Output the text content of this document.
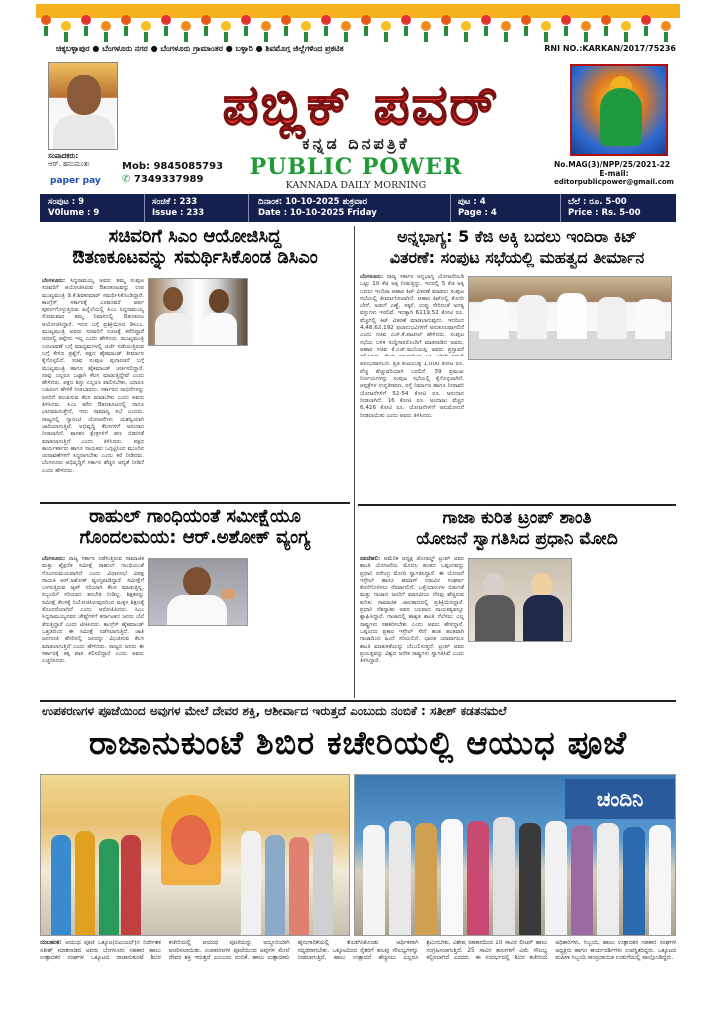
ಚಿಕ್ಕಬಳ್ಳಾಪುರ ● ಬೆಂಗಳೂರು ನಗರ ● ಬೆಂಗಳೂರು ಗ್ರಾಮಾಂತರ ● ಬಳ್ಳಾರಿ ● ಶಿವಮೊಗ್ಗ ಜಿಲ್ಲೆಗಳಿಂದ ಪ್ರಕಟಿತ	RNI NO.:KARKAN/2017/75236
ಸಂಪಾದಕರು:
ಆರ್. ಹನುಮಂತು
paper pay
Mob: 9845085793
✆ 7349337989
ಪಬ್ಲಿಕ್ ಪವರ್
ಕನ್ನಡ ದಿನಪತ್ರಿಕೆ
PUBLIC POWER
KANNADA DAILY MORNING
No.MAG(3)/NPP/25/2021-22
E-mail:
editorpublicpower@gmail.com
ಸಂಪುಟ : 9
V0lume : 9
ಸಂಚಿಕೆ : 233
Issue : 233
ದಿನಾಂಕ: 10-10-2025 ಶುಕ್ರವಾರ
Date : 10-10-2025 Friday
ಪುಟ : 4
Page : 4
ಬೆಲೆ : ರೂ. 5-00
Price : Rs. 5-00
ಸಚಿವರಿಗೆ ಸಿಎಂ ಆಯೋಜಿಸಿದ್ದ
ಔತಣಕೂಟವನ್ನು ಸಮರ್ಥಿಸಿಕೊಂಡ ಡಿಸಿಎಂ
ಬೆಂಗಳೂರು: ಸಿದ್ದರಾಮಯ್ಯ ಅವರು ತಮ್ಮ ಸಂಪುಟ ಸಚಿವರಿಗೆ ಆಯೋಜಿಸಿರುವ ಔತಣಕೂಟವನ್ನು ಉಪ ಮುಖ್ಯಮಂತ್ರಿ ಡಿ.ಕೆ.ಶಿವಕುಮಾರ್ ಸಮರ್ಥಿಸಿಕೊಂಡಿದ್ದಾರೆ. ಕಾಂಗ್ರೆಸ್ ಸರ್ಕಾರಕ್ಕೆ ಎರಡೂವರೆ ವರ್ಷ ಪೂರ್ಣಗೊಳ್ಳುತ್ತಿರುವ ಹಿನ್ನೆಲೆಯಲ್ಲಿ ಸಿಎಂ ಸಿದ್ದರಾಮಯ್ಯ ಸೋಮವಾರ ತಮ್ಮ ನಿವಾಸದಲ್ಲಿ ಔತಣಕೂಟ ಆಯೋಜಿಸಿದ್ದಾರೆ. ಇದರ ಬಗ್ಗೆ ಪ್ರತಿಕ್ರಿಯಿಸಿದ ಡಿಸಿಎಂ, ಮುಖ್ಯಮಂತ್ರಿ ಅವರು ಸಚಿವರಿಗೆ ಊಟಕ್ಕೆ ಕರೆದಿದ್ದಾರೆ ಅದರಲ್ಲಿ ತಪ್ಪೇನು ಇಲ್ಲ ಎಂದು ಹೇಳಿದರು. ಮುಖ್ಯಮಂತ್ರಿ ಬದಲಾವಣೆ ಬಗ್ಗೆ ಮಾಧ್ಯಮಗಳಲ್ಲಿ ಚರ್ಚೆ ನಡೆಯುತ್ತಿರುವ ಬಗ್ಗೆ ಕೇಳಿದ ಪ್ರಶ್ನೆಗೆ, ಪಕ್ಷದ ಹೈಕಮಾಂಡ್ ತೀರ್ಮಾನ ಕೈಗೊಳ್ಳಲಿದೆ. ಸಚಿವ ಸಂಪುಟ ಪುನಾರಚನೆ ಬಗ್ಗೆ ಮುಖ್ಯಮಂತ್ರಿ ಹಾಗೂ ಹೈಕಮಾಂಡ್ ಚರ್ಚಿಸಲಿದ್ದಾರೆ. ನಾವು ಎಲ್ಲರೂ ಒಟ್ಟಾಗಿ ಕೆಲಸ ಮಾಡುತ್ತಿದ್ದೇವೆ ಎಂದು ಹೇಳಿದರು. ಪಕ್ಷದ ಶಿಸ್ತು ಎಲ್ಲರೂ ಪಾಲಿಸಬೇಕು, ಯಾರೂ ಬಹಿರಂಗ ಹೇಳಿಕೆ ನೀಡಬಾರದು. ಸರ್ಕಾರದ ಸಾಧನೆಗಳನ್ನು ಜನರಿಗೆ ತಲುಪಿಸುವ ಕೆಲಸ ಮಾಡಬೇಕು ಎಂದು ಅವರು ತಿಳಿಸಿದರು. ಸಿಎಂ ಕರೆದ ಔತಣಕೂಟದಲ್ಲಿ ನಾನೂ ಭಾಗವಹಿಸುತ್ತೇನೆ, ಇದು ಸಾಮಾನ್ಯ ಸಭೆ ಎಂದರು. ರಾಜ್ಯದಲ್ಲಿ ಗ್ಯಾರಂಟಿ ಯೋಜನೆಗಳು ಯಶಸ್ವಿಯಾಗಿ ಜಾರಿಯಾಗುತ್ತಿವೆ. ಅಭಿವೃದ್ಧಿ ಕೆಲಸಗಳಿಗೆ ಅನುದಾನ ನೀಡಲಾಗಿದೆ. ಶಾಸಕರ ಕ್ಷೇತ್ರಗಳಿಗೆ ಹಣ ಬಿಡುಗಡೆ ಮಾಡಲಾಗುತ್ತಿದೆ ಎಂದು ತಿಳಿಸಿದರು. ಪಕ್ಷದ ಕಾರ್ಯಕರ್ತರು ಹಾಗೂ ನಾಯಕರು ಒಗ್ಗಟ್ಟಿನಿಂದ ಮುಂದಿನ ಚುನಾವಣೆಗಳಿಗೆ ಸಿದ್ಧರಾಗಬೇಕು ಎಂದು ಕರೆ ನೀಡಿದರು. ಬೆಂಗಳೂರು ಅಭಿವೃದ್ಧಿಗೆ ಸರ್ಕಾರ ಹೆಚ್ಚಿನ ಆದ್ಯತೆ ನೀಡಿದೆ ಎಂದು ಹೇಳಿದರು.
ಅನ್ನಭಾಗ್ಯ: 5 ಕೆಜಿ ಅಕ್ಕಿ ಬದಲು ಇಂದಿರಾ ಕಿಟ್
ವಿತರಣೆ: ಸಂಪುಟ ಸಭೆಯಲ್ಲಿ ಮಹತ್ವದ ತೀರ್ಮಾನ
ಬೆಂಗಳೂರು: ರಾಜ್ಯ ಸರ್ಕಾರ ಅನ್ನಭಾಗ್ಯ ಯೋಜನೆಯಡಿ ಒಟ್ಟು 10 ಕೆಜಿ ಅಕ್ಕಿ ನೀಡುತ್ತಿದ್ದು, ಇದರಲ್ಲಿ 5 ಕೆಜಿ ಅಕ್ಕಿ ಬದಲು ಇಂದಿರಾ ಆಹಾರ ಕಿಟ್ ವಿತರಣೆ ಮಾಡಲು ಸಂಪುಟ ಸಭೆಯಲ್ಲಿ ತೀರ್ಮಾನಿಸಲಾಗಿದೆ. ಆಹಾರ ಕಿಟ್‌ನಲ್ಲಿ ತೊಗರಿ ಬೇಳೆ, ಅಡುಗೆ ಎಣ್ಣೆ, ಸಕ್ಕರೆ, ಉಪ್ಪು ಸೇರಿದಂತೆ ಅಗತ್ಯ ವಸ್ತುಗಳು ಇರಲಿವೆ. ಇದಕ್ಕಾಗಿ 6119.52 ಕೋಟಿ ರೂ. ವೆಚ್ಚದಲ್ಲಿ ಕಿಟ್ ವಿತರಣೆ ಮಾಡಲಾಗುವುದು. ಇದರಿಂದ 4,48,62,192 ಫಲಾನುಭವಿಗಳಿಗೆ ಅನುಕೂಲವಾಗಲಿದೆ ಎಂದು ಸಚಿವ ಎಚ್.ಕೆ.ಪಾಟೀಲ್ ಹೇಳಿದರು. ಸಂಪುಟ ಸಭೆಯ ಬಳಿಕ ಸುದ್ದಿಗಾರರೊಂದಿಗೆ ಮಾತನಾಡಿದ ಅವರು, ಆಹಾರ ಸಚಿವ ಕೆ.ಎಚ್.ಮುನಿಯಪ್ಪ ಅವರು ಪ್ರಸ್ತಾವನೆ
ಆರಂಭವಾಗಲಿದೆ. ಪ್ರತಿ ಕುಟುಂಬಕ್ಕೆ 1,000 ಕೋಟಿ ರೂ. ವೆಚ್ಚ ಹೆಚ್ಚುವರಿಯಾಗಿ ಬರಲಿದೆ. 39 ಪ್ರಮುಖ ನಿರ್ಣಯಗಳನ್ನು ಸಂಪುಟ ಸಭೆಯಲ್ಲಿ ಕೈಗೊಳ್ಳಲಾಗಿದೆ. ಆಸ್ಪತ್ರೆಗಳ ಉನ್ನತೀಕರಣ, ರಸ್ತೆ ನಿರ್ಮಾಣ ಹಾಗೂ ನೀರಾವರಿ ಯೋಜನೆಗಳಿಗೆ 52-54 ಕೋಟಿ ರೂ. ಅನುದಾನ ನೀಡಲಾಗಿದೆ. 16 ಕೋಟಿ ರೂ. ಅಂದಾಜು ವೆಚ್ಚದ 6,426 ಕೋಟಿ ರೂ. ಯೋಜನೆಗಳಿಗೆ ಅನುಮೋದನೆ ನೀಡಲಾಯಿತು ಎಂದು ಅವರು ತಿಳಿಸಿದರು.
ರಾಹುಲ್ ಗಾಂಧಿಯಂತೆ ಸಮೀಕ್ಷೆಯೂ
ಗೊಂದಲಮಯ: ಆರ್.ಅಶೋಕ್ ವ್ಯಂಗ್ಯ
ಬೆಂಗಳೂರು: ರಾಜ್ಯ ಸರ್ಕಾರ ನಡೆಸುತ್ತಿರುವ ಸಾಮಾಜಿಕ ಮತ್ತು ಶೈಕ್ಷಣಿಕ ಸಮೀಕ್ಷೆ ರಾಹುಲ್ ಗಾಂಧಿಯಂತೆ ಗೊಂದಲಮಯವಾಗಿದೆ ಎಂದು ವಿಧಾನಸಭೆ ವಿಪಕ್ಷ ನಾಯಕ ಆರ್.ಅಶೋಕ್ ವ್ಯಂಗ್ಯವಾಡಿದ್ದಾರೆ. ಸಮೀಕ್ಷೆಗೆ ಬಳಸುತ್ತಿರುವ ಆ್ಯಪ್ ಸರಿಯಾಗಿ ಕೆಲಸ ಮಾಡುತ್ತಿಲ್ಲ, ಸಿಬ್ಬಂದಿಗೆ ಸರಿಯಾದ ತರಬೇತಿ ನೀಡಿಲ್ಲ. ಶಿಕ್ಷಕರನ್ನು ಸಮೀಕ್ಷೆ ಕೆಲಸಕ್ಕೆ ನಿಯೋಜಿಸಿರುವುದರಿಂದ ಮಕ್ಕಳ ಶಿಕ್ಷಣಕ್ಕೆ ತೊಂದರೆಯಾಗಿದೆ ಎಂದು ಆರೋಪಿಸಿದರು. ಸಿಎಂ ಸಿದ್ದರಾಮಯ್ಯನವರ ಚೇಷ್ಟೆಗಳಿಗೆ ಕರ್ನಾಟಕದ ಜನರು ಬೆಲೆ ತೆರುತ್ತಿದ್ದಾರೆ ಎಂದು ಟೀಕಿಸಿದರು. ಕಾಂಗ್ರೆಸ್ ಹೈಕಮಾಂಡ್ ಒತ್ತಡದಿಂದ ಈ ಸಮೀಕ್ಷೆ ನಡೆಸಲಾಗುತ್ತಿದೆ. ಜಾತಿ ಜನಗಣತಿ ಹೆಸರಿನಲ್ಲಿ ಜನರನ್ನು ವಿಭಜಿಸುವ ಕೆಲಸ ಮಾಡಲಾಗುತ್ತಿದೆ ಎಂದು ಹೇಳಿದರು. ರಾಜ್ಯದ ಜನರು ಈ ಸರ್ಕಾರಕ್ಕೆ ತಕ್ಕ ಪಾಠ ಕಲಿಸಲಿದ್ದಾರೆ ಎಂದು ಅವರು ಎಚ್ಚರಿಸಿದರು.
ಗಾಜಾ ಕುರಿತ ಟ್ರಂಪ್ ಶಾಂತಿ
ಯೋಜನೆ ಸ್ವಾಗತಿಸಿದ ಪ್ರಧಾನಿ ಮೋದಿ
ನವದೆಹಲಿ: ಅಮೆರಿಕ ಅಧ್ಯಕ್ಷ ಡೊನಾಲ್ಡ್ ಟ್ರಂಪ್ ಅವರ ಶಾಂತಿ ಯೋಜನೆಯ ಮೊದಲ ಹಂತದ ಒಪ್ಪಂದವನ್ನು ಪ್ರಧಾನಿ ನರೇಂದ್ರ ಮೋದಿ ಸ್ವಾಗತಿಸಿದ್ದಾರೆ. ಈ ಯೋಜನೆ ಇಸ್ರೇಲ್ ಹಾಗೂ ಹಮಾಸ್ ನಡುವಿನ ಸಂಘರ್ಷ ಕೊನೆಗೊಳಿಸಲು ನೆರವಾಗಲಿದೆ. ಒತ್ತೆಯಾಳುಗಳ ಬಿಡುಗಡೆ ಮತ್ತು ಗಾಜಾದ ಜನರಿಗೆ ಮಾನವೀಯ ನೆರವು ಹೆಚ್ಚಿಸುವ ಕುರಿತು ಸಾಮಾಜಿಕ ಜಾಲತಾಣದಲ್ಲಿ ಪ್ರತಿಕ್ರಿಯಿಸಿದ್ದಾರೆ. ಪ್ರಧಾನಿ ನೆತನ್ಯಾಹು ಅವರ ಬಲವಾದ ನಾಯಕತ್ವವನ್ನೂ ಶ್ಲಾಘಿಸಿದ್ದಾರೆ. ಗಾಜಾದಲ್ಲಿ ಶಾಶ್ವತ ಶಾಂತಿ ನೆಲೆಸಲು ಎಲ್ಲ ರಾಷ್ಟ್ರಗಳು ಸಹಕರಿಸಬೇಕು ಎಂದು ಅವರು ಹೇಳಿದ್ದಾರೆ. ಒಪ್ಪಂದದ ಪ್ರಕಾರ ಇಸ್ರೇಲ್ ಸೇನೆ ಹಂತ ಹಂತವಾಗಿ ಗಾಜಾದಿಂದ ಹಿಂದೆ ಸರಿಯಲಿದೆ. ಭಾರತ ಯಾವಾಗಲೂ ಶಾಂತಿ ಮಾತುಕತೆಯನ್ನು ಬೆಂಬಲಿಸುತ್ತದೆ. ಟ್ರಂಪ್ ಅವರ ಪ್ರಯತ್ನವನ್ನು ವಿಶ್ವದ ಅನೇಕ ರಾಷ್ಟ್ರಗಳು ಸ್ವಾಗತಿಸಿವೆ ಎಂದು ತಿಳಿಸಿದ್ದಾರೆ.
ಉಪಕರಣಗಳ ಪೂಜೆಯಿಂದ ಅವುಗಳ ಮೇಲೆ ದೇವರ ಶಕ್ತಿ, ಆಶೀರ್ವಾದ ಇರುತ್ತದೆ ಎಂಬುದು ನಂಬಿಕೆ : ಸತೀಶ್ ಕಡತನಮಲೆ
ರಾಜಾನುಕುಂಟೆ ಶಿಬಿರ ಕಚೇರಿಯಲ್ಲಿ ಆಯುಧ ಪೂಜೆ
ಚಂದಿನಿ
ಯಲಹಂಕ: ಆಯುಧ ಪೂಜೆ ಒಕ್ಕೂಟ(ಬಿಎಂಎಲ್)ನ ನಿರ್ದೇಶಕ ಸತೀಶ್ ಮಾತನಾಡಿದ ಅವರು ಬೆಂಗಳೂರು ಸಹಕಾರ ಹಾಲು ಉತ್ಪಾದಕರ ಸಂಘಗಳ ಒಕ್ಕೂಟದ ರಾಜಾನುಕುಂಟೆ ಶಿಬಿರ ಕಚೇರಿಯಲ್ಲಿ ಆಯುಧ ಪೂಜೆಯನ್ನು ಅದ್ದೂರಿಯಾಗಿ ಆಚರಿಸಲಾಯಿತು. ಉಪಕರಣಗಳ ಪೂಜೆಯಿಂದ ಅವುಗಳ ಮೇಲೆ ದೇವರ ಶಕ್ತಿ ಇರುತ್ತದೆ ಎಂಬುದು ನಂಬಿಕೆ. ಹಾಲು ಉತ್ಪಾದಕರು ಹೈನುಗಾರಿಕೆಯಲ್ಲಿ ತೊಡಗಿಸಿಕೊಂಡು ಆರ್ಥಿಕವಾಗಿ ಸದೃಢರಾಗಬೇಕು. ಒಕ್ಕೂಟದಿಂದ ರೈತರಿಗೆ ಹಲವು ಸೌಲಭ್ಯಗಳನ್ನು ನೀಡಲಾಗುತ್ತಿದೆ. ಹಾಲು ಉತ್ಪಾದನೆ ಹೆಚ್ಚಿಸಲು ಎಲ್ಲರೂ ಶ್ರಮಿಸಬೇಕು. ವಿಶೇಷ ಸಹಕಾರದಿಂದ 10 ಸಾವಿರ ಲೀಟರ್ ಹಾಲು ಸಂಗ್ರಹಿಸಲಾಗುತ್ತಿದೆ. 25 ಸಾವಿರ ಹಸುಗಳಿಗೆ ವಿಮೆ ಸೌಲಭ್ಯ ಕಲ್ಪಿಸಲಾಗಿದೆ ಎಂದರು. ಈ ಸಂದರ್ಭದಲ್ಲಿ ಶಿಬಿರ ಕಚೇರಿಯ ಅಧಿಕಾರಿಗಳು, ಸಿಬ್ಬಂದಿ, ಹಾಲು ಉತ್ಪಾದಕರ ಸಹಕಾರ ಸಂಘಗಳ ಅಧ್ಯಕ್ಷರು ಹಾಗೂ ಕಾರ್ಯದರ್ಶಿಗಳು ಉಪಸ್ಥಿತರಿದ್ದರು. ಒಕ್ಕೂಟದ ಮಹಿಳಾ ಸಿಬ್ಬಂದಿ ಸಾಂಪ್ರದಾಯಿಕ ಉಡುಗೆಯಲ್ಲಿ ಪಾಲ್ಗೊಂಡಿದ್ದರು.
